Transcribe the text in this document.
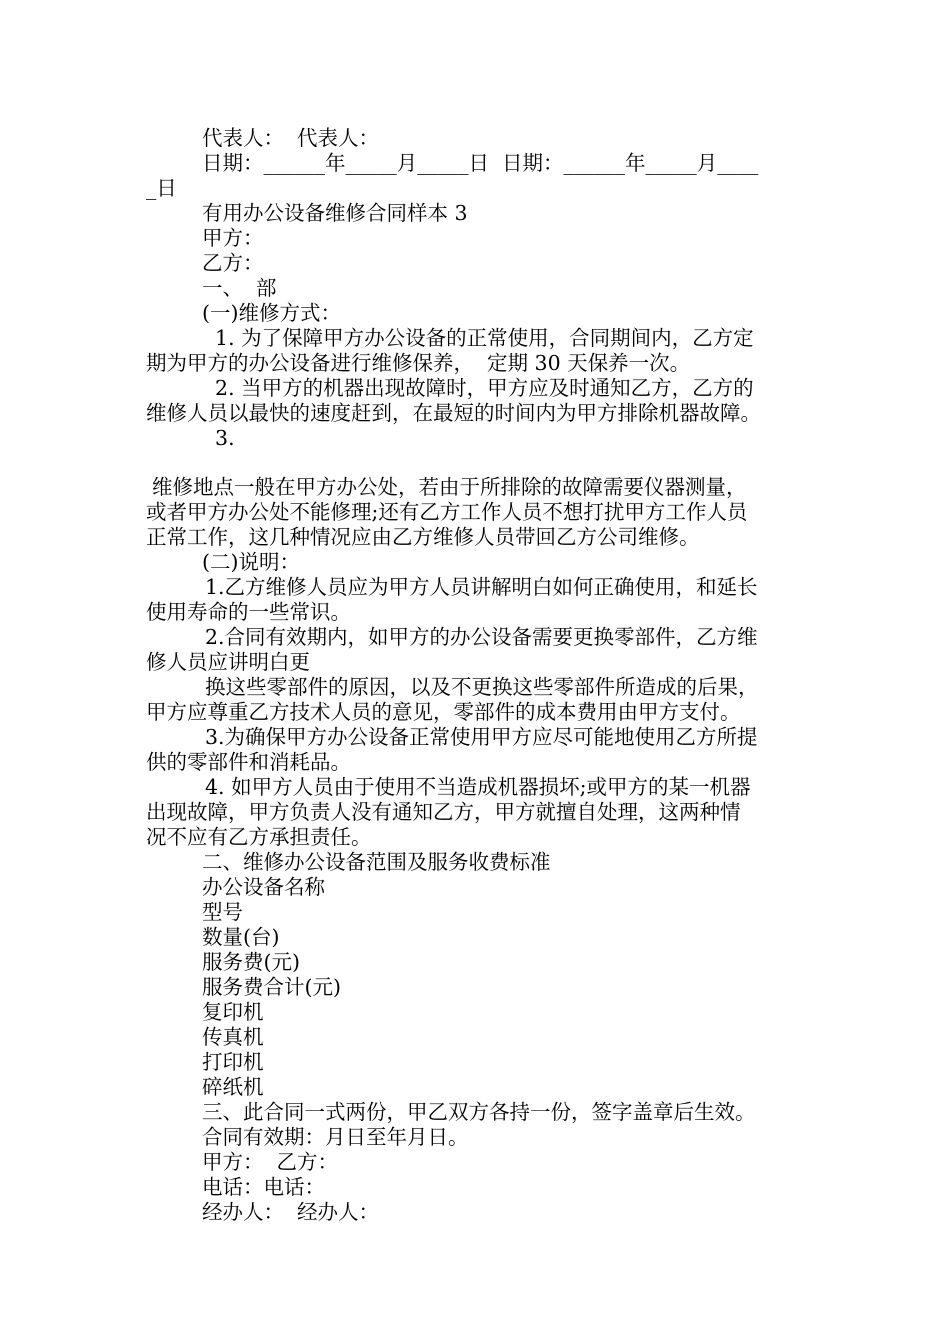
代表人：  代表人：

日期：______年_____月_____日  日期：______年_____月____

_日

有用办公设备维修合同样本 3

甲方：

乙方：

一、  部

(一)维修方式：

1. 为了保障甲方办公设备的正常使用，合同期间内，乙方定

期为甲方的办公设备进行维修保养，  定期 30 天保养一次。

2. 当甲方的机器出现故障时，甲方应及时通知乙方，乙方的

维修人员以最快的速度赶到，在最短的时间内为甲方排除机器故障。

3.

维修地点一般在甲方办公处，若由于所排除的故障需要仪器测量，

或者甲方办公处不能修理;还有乙方工作人员不想打扰甲方工作人员

正常工作，这几种情况应由乙方维修人员带回乙方公司维修。

(二)说明：

1.乙方维修人员应为甲方人员讲解明白如何正确使用，和延长

使用寿命的一些常识。

2.合同有效期内，如甲方的办公设备需要更换零部件，乙方维

修人员应讲明白更

换这些零部件的原因，以及不更换这些零部件所造成的后果，

甲方应尊重乙方技术人员的意见，零部件的成本费用由甲方支付。

3.为确保甲方办公设备正常使用甲方应尽可能地使用乙方所提

供的零部件和消耗品。

4. 如甲方人员由于使用不当造成机器损坏;或甲方的某一机器

出现故障，甲方负责人没有通知乙方，甲方就擅自处理，这两种情

况不应有乙方承担责任。

二、维修办公设备范围及服务收费标准

办公设备名称

型号

数量(台)

服务费(元)

服务费合计(元)

复印机

传真机

打印机

碎纸机

三、此合同一式两份，甲乙双方各持一份，签字盖章后生效。

合同有效期：月日至年月日。

甲方：  乙方：

电话：电话：

经办人：  经办人：
